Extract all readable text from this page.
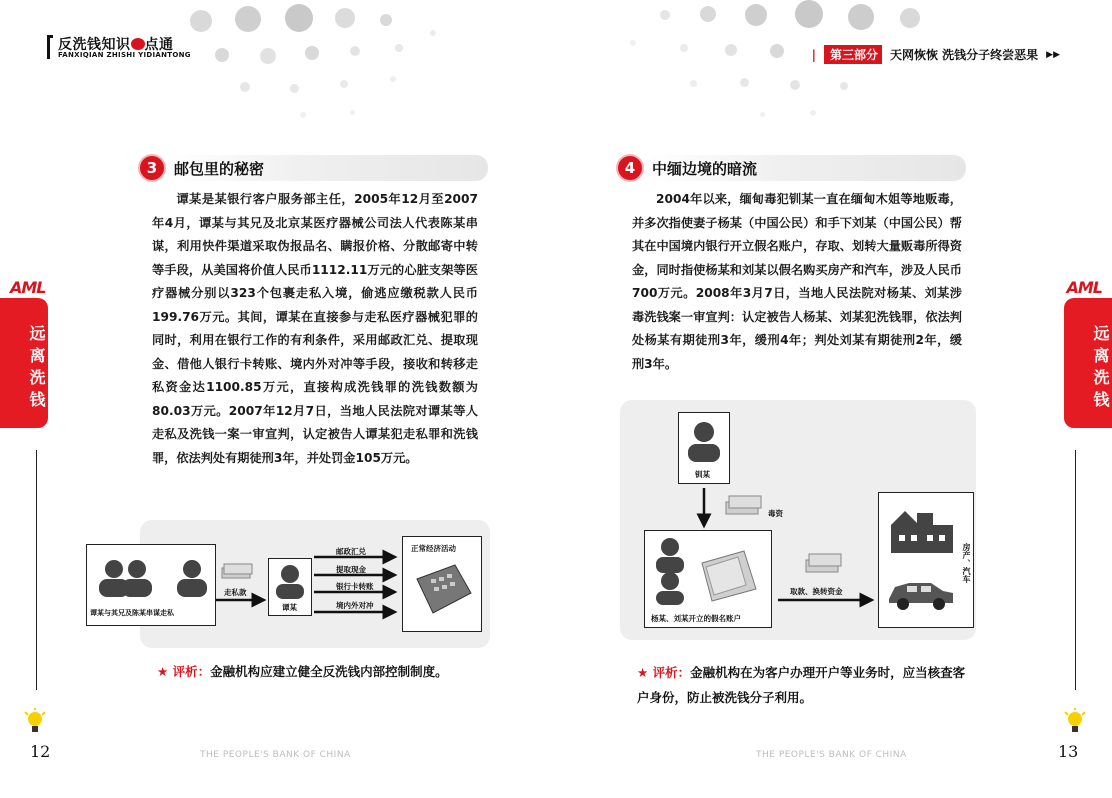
反洗钱知识 点通
FANXIQIAN ZHISHI YIDIANTONG	|	第三部分	天网恢恢 洗钱分子终尝恶果 ▶▶
AML
远离洗钱
AML
远离洗钱
3	邮包里的秘密
谭某是某银行客户服务部主任，2005年12月至2007年4月，谭某与其兄及北京某医疗器械公司法人代表陈某串谋，利用快件渠道采取伪报品名、瞒报价格、分散邮寄中转等手段，从美国将价值人民币1112.11万元的心脏支架等医疗器械分别以323个包裹走私入境，偷逃应缴税款人民币199.76万元。其间，谭某在直接参与走私医疗器械犯罪的同时，利用在银行工作的有利条件，采用邮政汇兑、提取现金、借他人银行卡转账、境内外对冲等手段，接收和转移走私资金达1100.85万元，直接构成洗钱罪的洗钱数额为80.03万元。2007年12月7日，当地人民法院对谭某等人走私及洗钱一案一审宣判，认定被告人谭某犯走私罪和洗钱罪，依法判处有期徒刑3年，并处罚金105万元。
谭某与其兄及陈某串谋走私
走私款
谭某
邮政汇兑
提取现金
银行卡转账
境内外对冲
正常经济活动
★ 评析：金融机构应建立健全反洗钱内部控制制度。
12	THE PEOPLE'S BANK OF CHINA
4	中缅边境的暗流
2004年以来，缅甸毒犯钏某一直在缅甸木姐等地贩毒，并多次指使妻子杨某（中国公民）和手下刘某（中国公民）帮其在中国境内银行开立假名账户，存取、划转大量贩毒所得资金，同时指使杨某和刘某以假名购买房产和汽车，涉及人民币700万元。2008年3月7日，当地人民法院对杨某、刘某涉毒洗钱案一审宣判：认定被告人杨某、刘某犯洗钱罪，依法判处杨某有期徒刑3年，缓刑4年；判处刘某有期徒刑2年，缓刑3年。
钏某
毒资
杨某、刘某开立的假名账户
取款、换转资金
房产、汽车
★ 评析：金融机构在为客户办理开户等业务时，应当核查客户身份，防止被洗钱分子利用。
13
THE PEOPLE'S BANK OF CHINA
